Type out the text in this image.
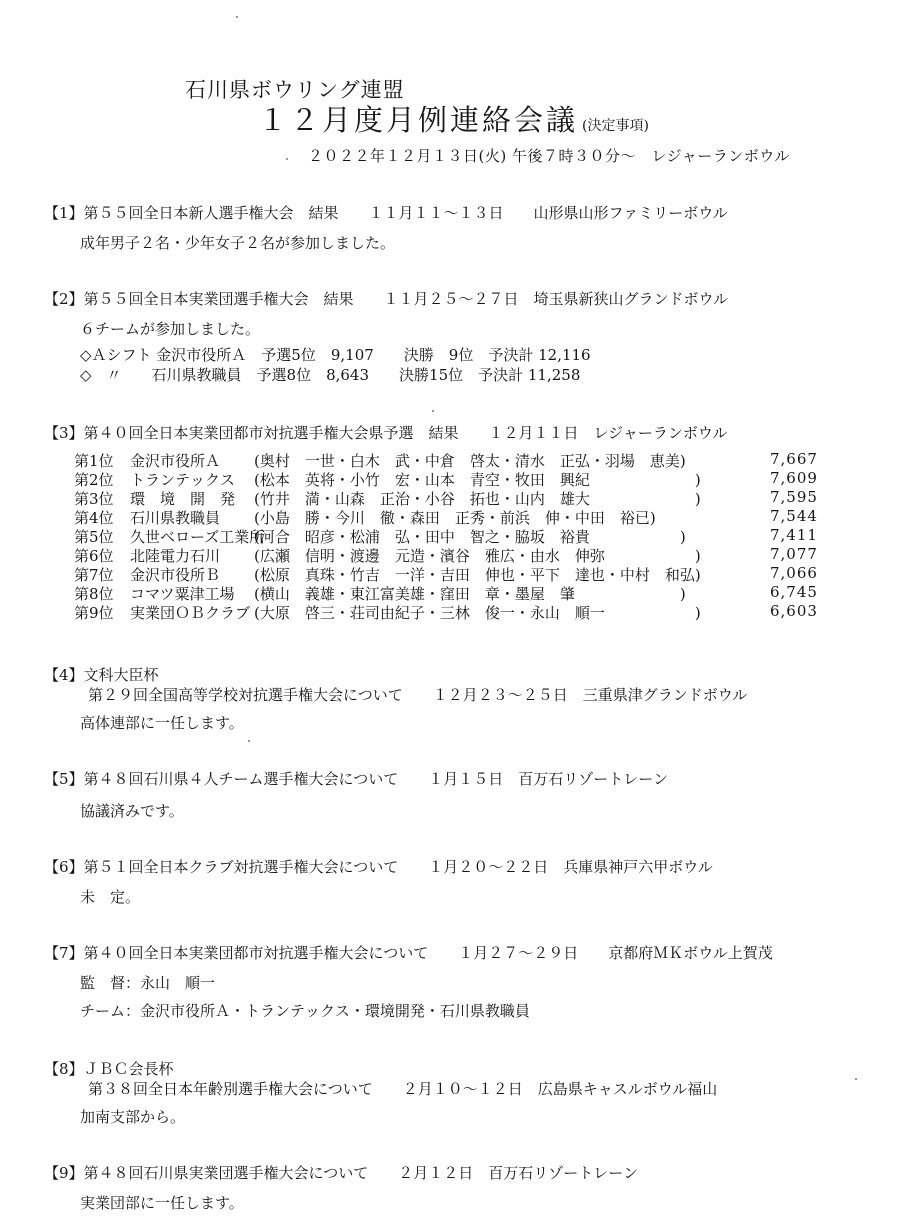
石川県ボウリング連盟
１２月度月例連絡会議 (決定事項)
２０２２年１２月１３日(火) 午後７時３０分～　レジャーランボウル
【1】第５５回全日本新人選手権大会　結果　　１１月１１～１３日　　山形県山形ファミリーボウル
成年男子２名・少年女子２名が参加しました。
【2】第５５回全日本実業団選手権大会　結果　　１１月２５～２７日　埼玉県新狭山グランドボウル
６チームが参加しました。
◇Ａシフト 金沢市役所Ａ　予選5位　9,107　　決勝　9位　予決計 12,116
◇　〃　　石川県教職員　予選8位　8,643　　決勝15位　予決計 11,258
【3】第４０回全日本実業団都市対抗選手権大会県予選　結果　　１２月１１日　レジャーランボウル
第1位 金沢市役所Ａ (奥村　一世・白木　武・中倉　啓太・清水　正弘・羽場　恵美)	7,667
第2位 トランテックス (松本　英将・小竹　宏・山本　青空・牧田　興紀　　　　　　　)	7,609
第3位 環　境　開　発 (竹井　満・山森　正治・小谷　拓也・山内　雄大　　　　　　　)	7,595
第4位 石川県教職員 (小島　勝・今川　徹・森田　正秀・前浜　伸・中田　裕已)	7,544
第5位 久世ベローズ工業所(河合　昭彦・松浦　弘・田中　智之・脇坂　裕貴　　　　　　)	7,411
第6位 北陸電力石川 (広瀬　信明・渡邊　元造・濱谷　雅広・由水　伸弥　　　　　　)	7,077
第7位 金沢市役所Ｂ (松原　真珠・竹吉　一洋・吉田　伸也・平下　達也・中村　和弘)	7,066
第8位 コマツ粟津工場 (横山　義雄・東江富美雄・窪田　章・墨屋　肇　　　　　　　)	6,745
第9位 実業団ＯＢクラブ (大原　啓三・荘司由紀子・三林　俊一・永山　順一　　　　　　)	6,603
【4】文科大臣杯
第２９回全国高等学校対抗選手権大会について　　１２月２３～２５日　三重県津グランドボウル
高体連部に一任します。
【5】第４８回石川県４人チーム選手権大会について　　１月１５日　百万石リゾートレーン
協議済みです。
【6】第５１回全日本クラブ対抗選手権大会について　　１月２０～２２日　兵庫県神戸六甲ボウル
未　定。
【7】第４０回全日本実業団都市対抗選手権大会について　　１月２７～２９日　　京都府ＭＫボウル上賀茂
監　督：永山　順一
チーム：金沢市役所Ａ・トランテックス・環境開発・石川県教職員
【8】ＪＢＣ会長杯
第３８回全日本年齢別選手権大会について　　２月１０～１２日　広島県キャスルボウル福山
加南支部から。
【9】第４８回石川県実業団選手権大会について　　２月１２日　百万石リゾートレーン
実業団部に一任します。
